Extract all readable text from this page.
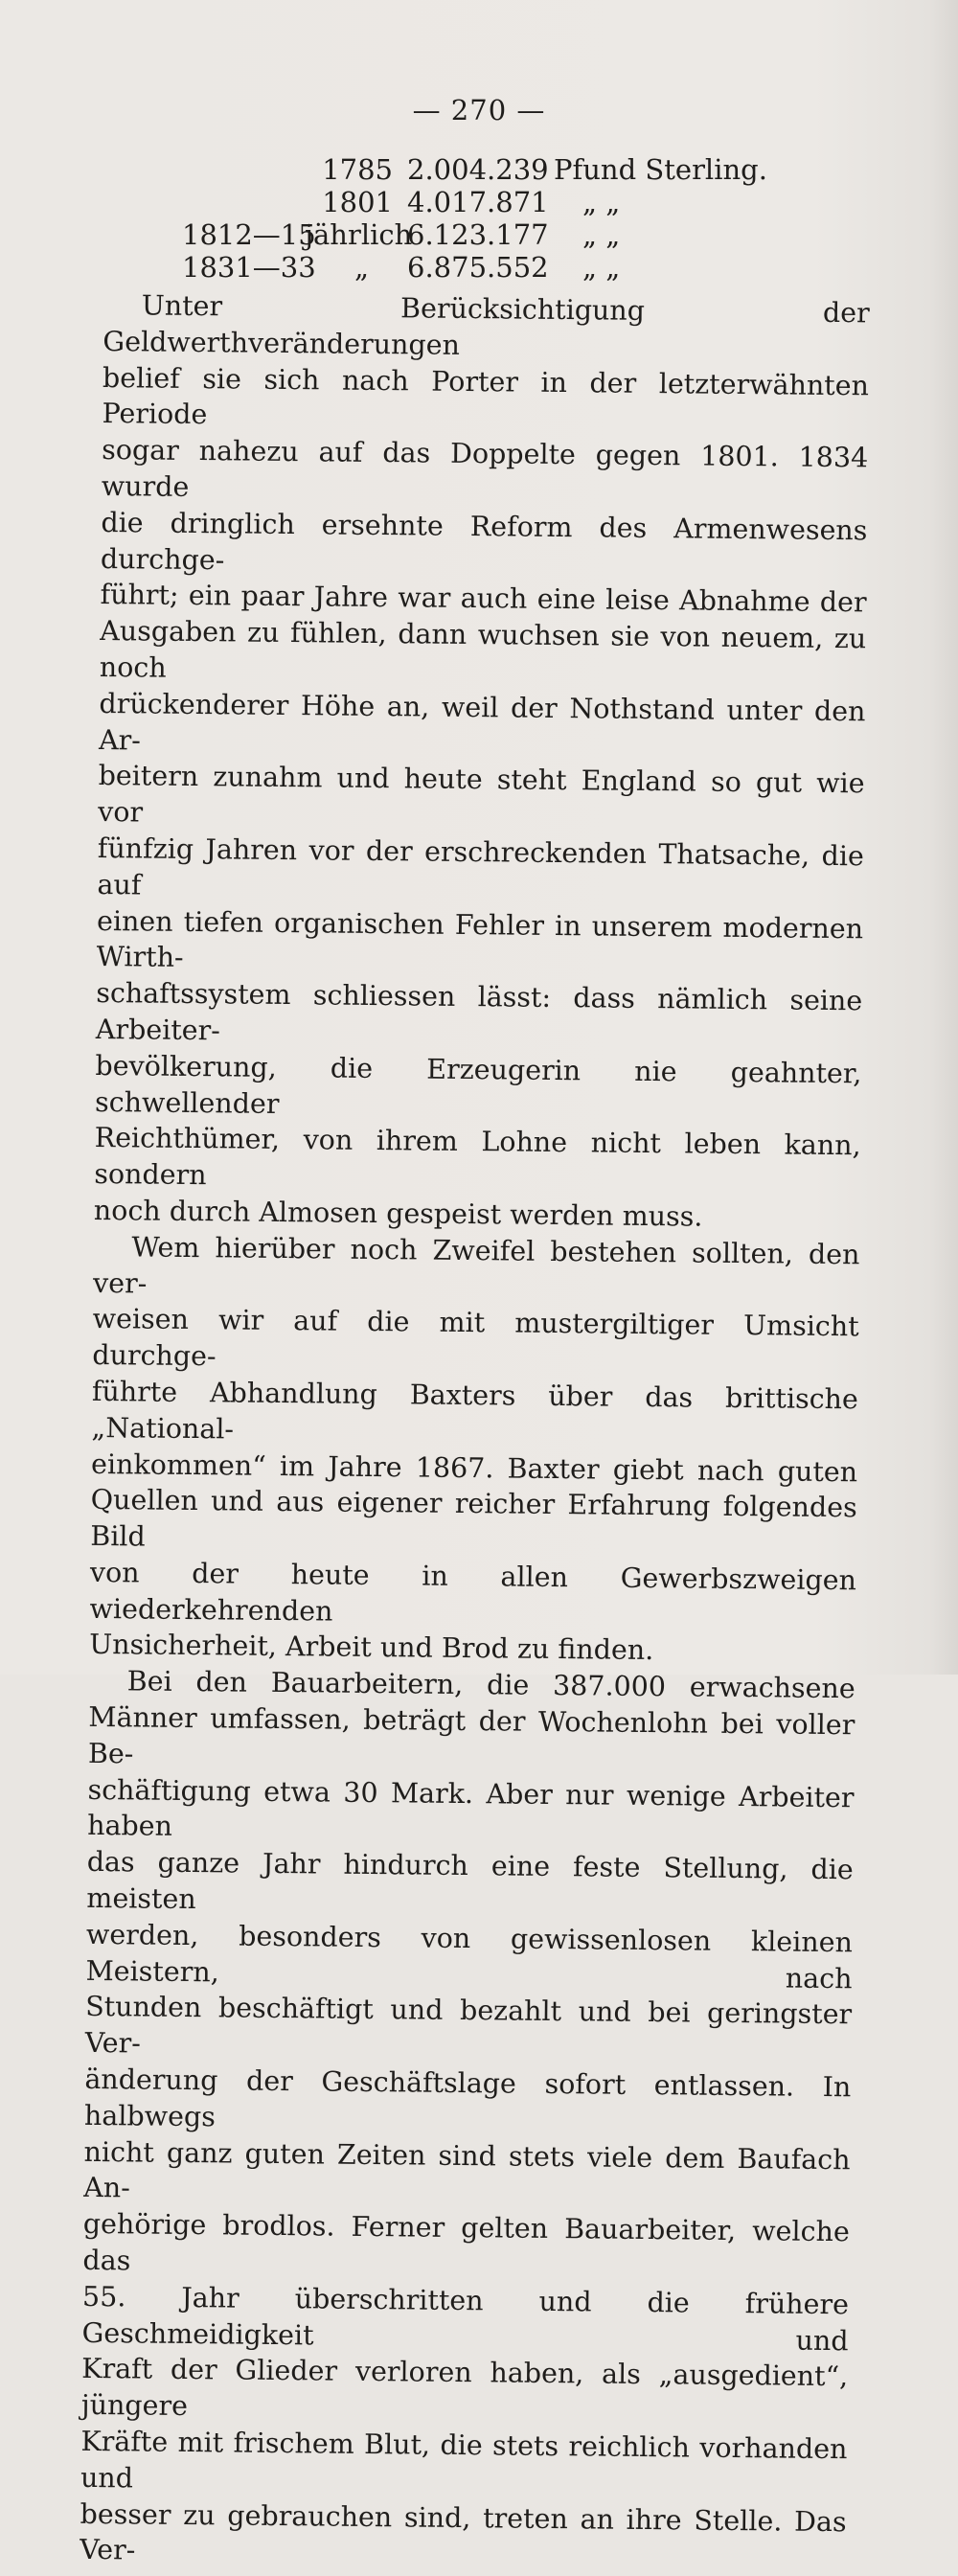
— 270 —
1785 2.004.239 Pfund Sterling.
1801 4.017.871 „ „
1812—15
jährlich
6.123.177 „ „
1831—33 „ 6.875.552 „ „

Unter Berücksichtigung der Geldwerthveränderungen
belief sie sich nach Porter in der letzterwähnten Periode
sogar nahezu auf das Doppelte gegen 1801. 1834 wurde
die dringlich ersehnte Reform des Armenwesens durchge-
führt; ein paar Jahre war auch eine leise Abnahme der
Ausgaben zu fühlen, dann wuchsen sie von neuem, zu noch
drückenderer Höhe an, weil der Nothstand unter den Ar-
beitern zunahm und heute steht England so gut wie vor
fünfzig Jahren vor der erschreckenden Thatsache, die auf
einen tiefen organischen Fehler in unserem modernen Wirth-
schaftssystem schliessen lässt: dass nämlich seine Arbeiter-
bevölkerung, die Erzeugerin nie geahnter, schwellender
Reichthümer, von ihrem Lohne nicht leben kann, sondern
noch durch Almosen gespeist werden muss.

Wem hierüber noch Zweifel bestehen sollten, den ver-
weisen wir auf die mit mustergiltiger Umsicht durchge-
führte Abhandlung Baxters über das brittische „National-
einkommen“ im Jahre 1867. Baxter giebt nach guten
Quellen und aus eigener reicher Erfahrung folgendes Bild
von der heute in allen Gewerbszweigen wiederkehrenden
Unsicherheit, Arbeit und Brod zu finden.

Bei den Bauarbeitern, die 387.000 erwachsene
Männer umfassen, beträgt der Wochenlohn bei voller Be-
schäftigung etwa 30 Mark. Aber nur wenige Arbeiter haben
das ganze Jahr hindurch eine feste Stellung, die meisten
werden, besonders von gewissenlosen kleinen Meistern, nach
Stunden beschäftigt und bezahlt und bei geringster Ver-
änderung der Geschäftslage sofort entlassen. In halbwegs
nicht ganz guten Zeiten sind stets viele dem Baufach An-
gehörige brodlos. Ferner gelten Bauarbeiter, welche das
55. Jahr überschritten und die frühere Geschmeidigkeit und
Kraft der Glieder verloren haben, als „ausgedient“, jüngere
Kräfte mit frischem Blut, die stets reichlich vorhanden und
besser zu gebrauchen sind, treten an ihre Stelle. Das Ver-
